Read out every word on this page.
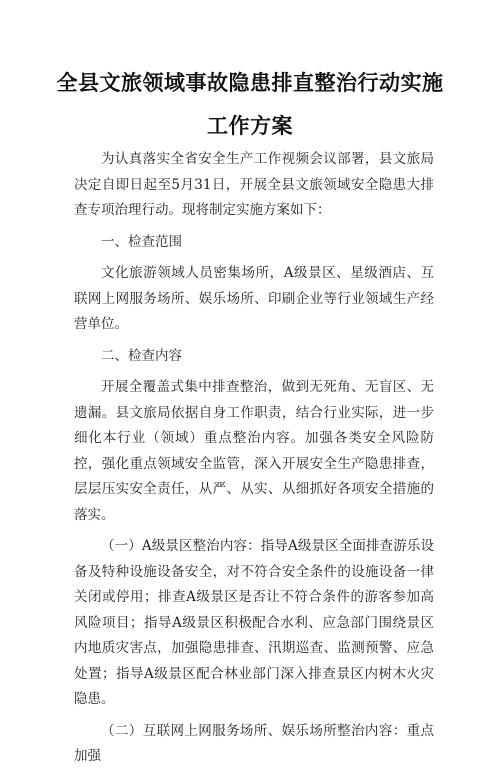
全县文旅领域事故隐患排直整治行动实施
工作方案

为认真落实全省安全生产工作视频会议部署，县文旅局决定自即日起至5月31日，开展全县文旅领域安全隐患大排查专项治理行动。现将制定实施方案如下：

一、检查范围

文化旅游领域人员密集场所，A级景区、星级酒店、互联网上网服务场所、娱乐场所、印刷企业等行业领域生产经营单位。

二、检查内容

开展全覆盖式集中排查整治，做到无死角、无盲区、无遗漏。县文旅局依据自身工作职责，结合行业实际，进一步细化本行业（领域）重点整治内容。加强各类安全风险防控，强化重点领域安全监管，深入开展安全生产隐患排查，层层压实安全责任，从严、从实、从细抓好各项安全措施的落实。

（一）A级景区整治内容：指导A级景区全面排查游乐设备及特种设施设备安全，对不符合安全条件的设施设备一律关闭或停用；排查A级景区是否让不符合条件的游客参加高风险项目；指导A级景区积极配合水利、应急部门围绕景区内地质灾害点，加强隐患排查、汛期巡查、监测预警、应急处置；指导A级景区配合林业部门深入排查景区内树木火灾隐患。

（二）互联网上网服务场所、娱乐场所整治内容：重点加强
